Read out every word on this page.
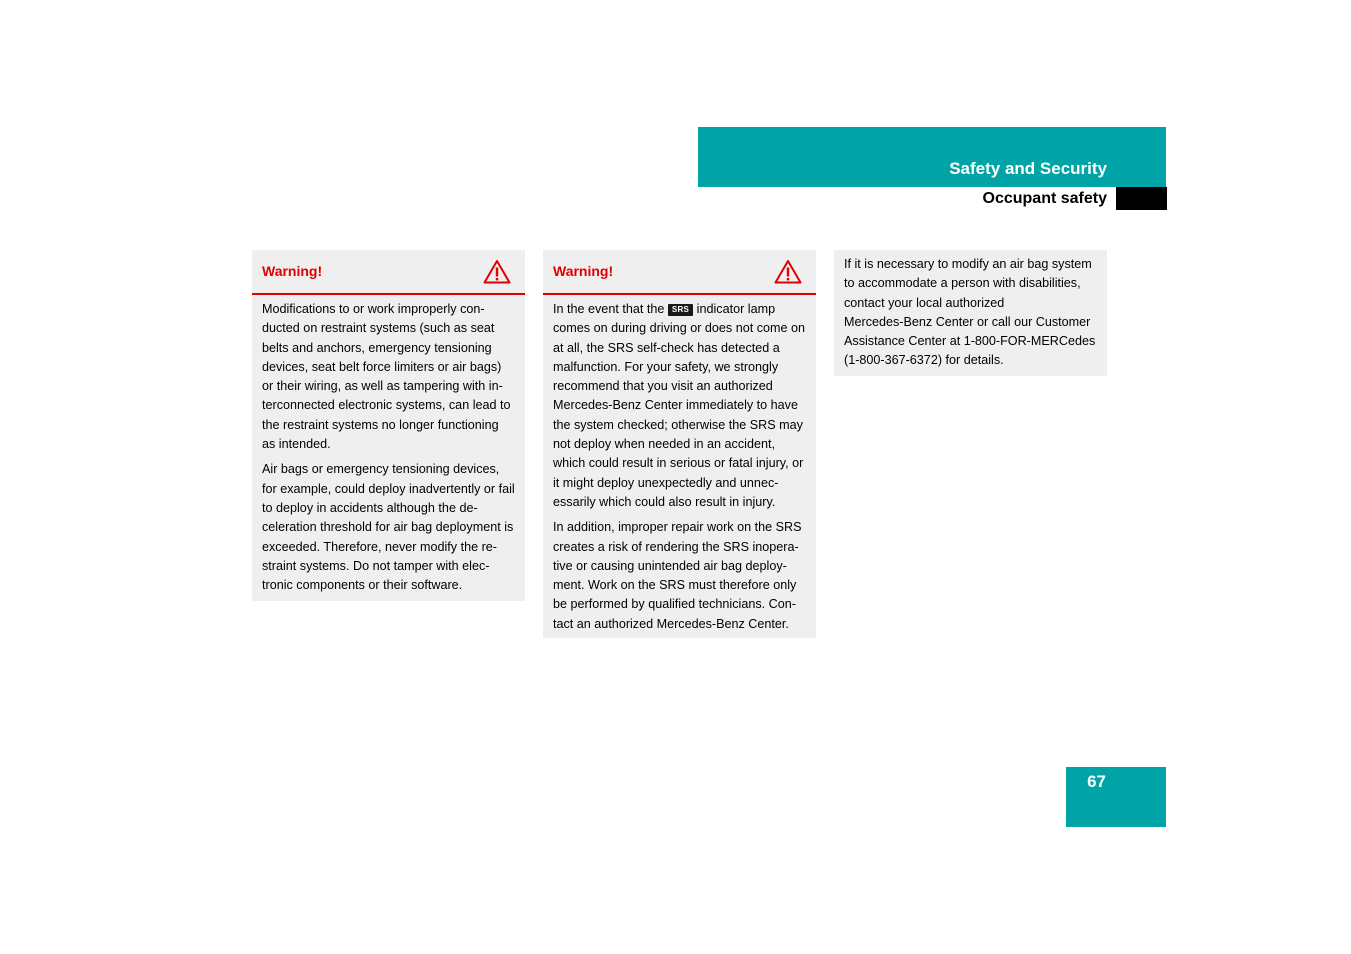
Safety and Security
Occupant safety
Warning!

Modifications to or work improperly conducted on restraint systems (such as seat belts and anchors, emergency tensioning devices, seat belt force limiters or air bags) or their wiring, as well as tampering with interconnected electronic systems, can lead to the restraint systems no longer functioning as intended.

Air bags or emergency tensioning devices, for example, could deploy inadvertently or fail to deploy in accidents although the deceleration threshold for air bag deployment is exceeded. Therefore, never modify the restraint systems. Do not tamper with electronic components or their software.

Warning!

In the event that the SRS indicator lamp comes on during driving or does not come on at all, the SRS self-check has detected a malfunction. For your safety, we strongly recommend that you visit an authorized Mercedes-Benz Center immediately to have the system checked; otherwise the SRS may not deploy when needed in an accident, which could result in serious or fatal injury, or it might deploy unexpectedly and unnecessarily which could also result in injury.

In addition, improper repair work on the SRS creates a risk of rendering the SRS inoperative or causing unintended air bag deployment. Work on the SRS must therefore only be performed by qualified technicians. Contact an authorized Mercedes-Benz Center.

If it is necessary to modify an air bag system
to accommodate a person with disabilities,
contact your local authorized
Mercedes-Benz Center or call our Customer
Assistance Center at 1-800-FOR-MERCedes
(1-800-367-6372) for details.
67
